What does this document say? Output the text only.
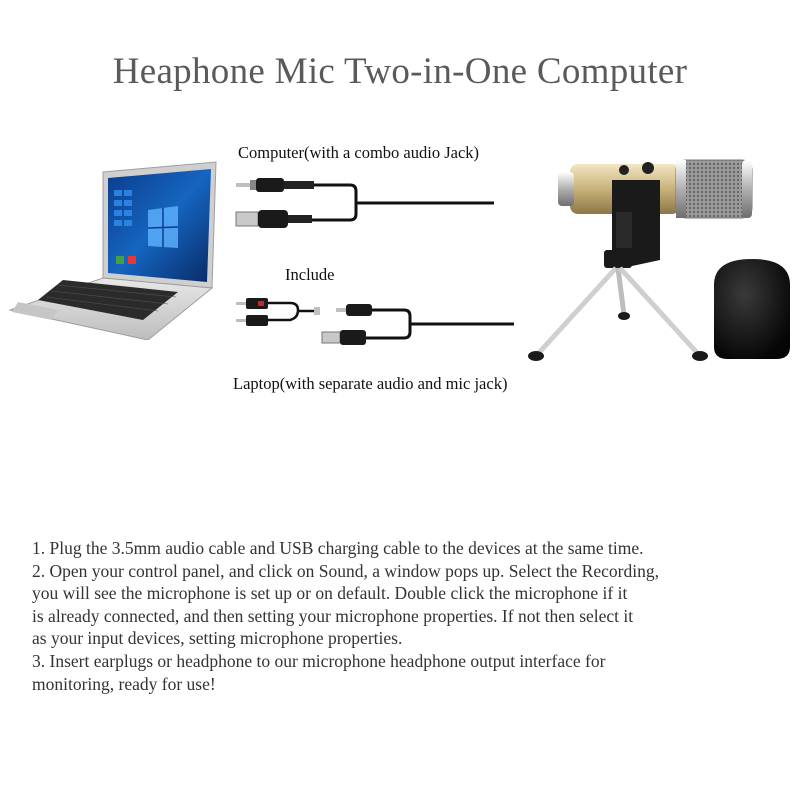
Heaphone Mic Two-in-One Computer
Computer(with a combo audio Jack)
Include
Laptop(with separate audio and mic jack)

1. Plug the 3.5mm audio cable and USB charging cable to the devices at the same time.

2. Open your control panel, and click on Sound, a window pops up. Select the Recording,

you will see the microphone is set up or on default. Double click the microphone if it

is already connected, and then setting your microphone properties. If not then select it

as your input devices, setting microphone properties.

3. Insert earplugs or headphone to our microphone headphone output interface for

monitoring, ready for use!
